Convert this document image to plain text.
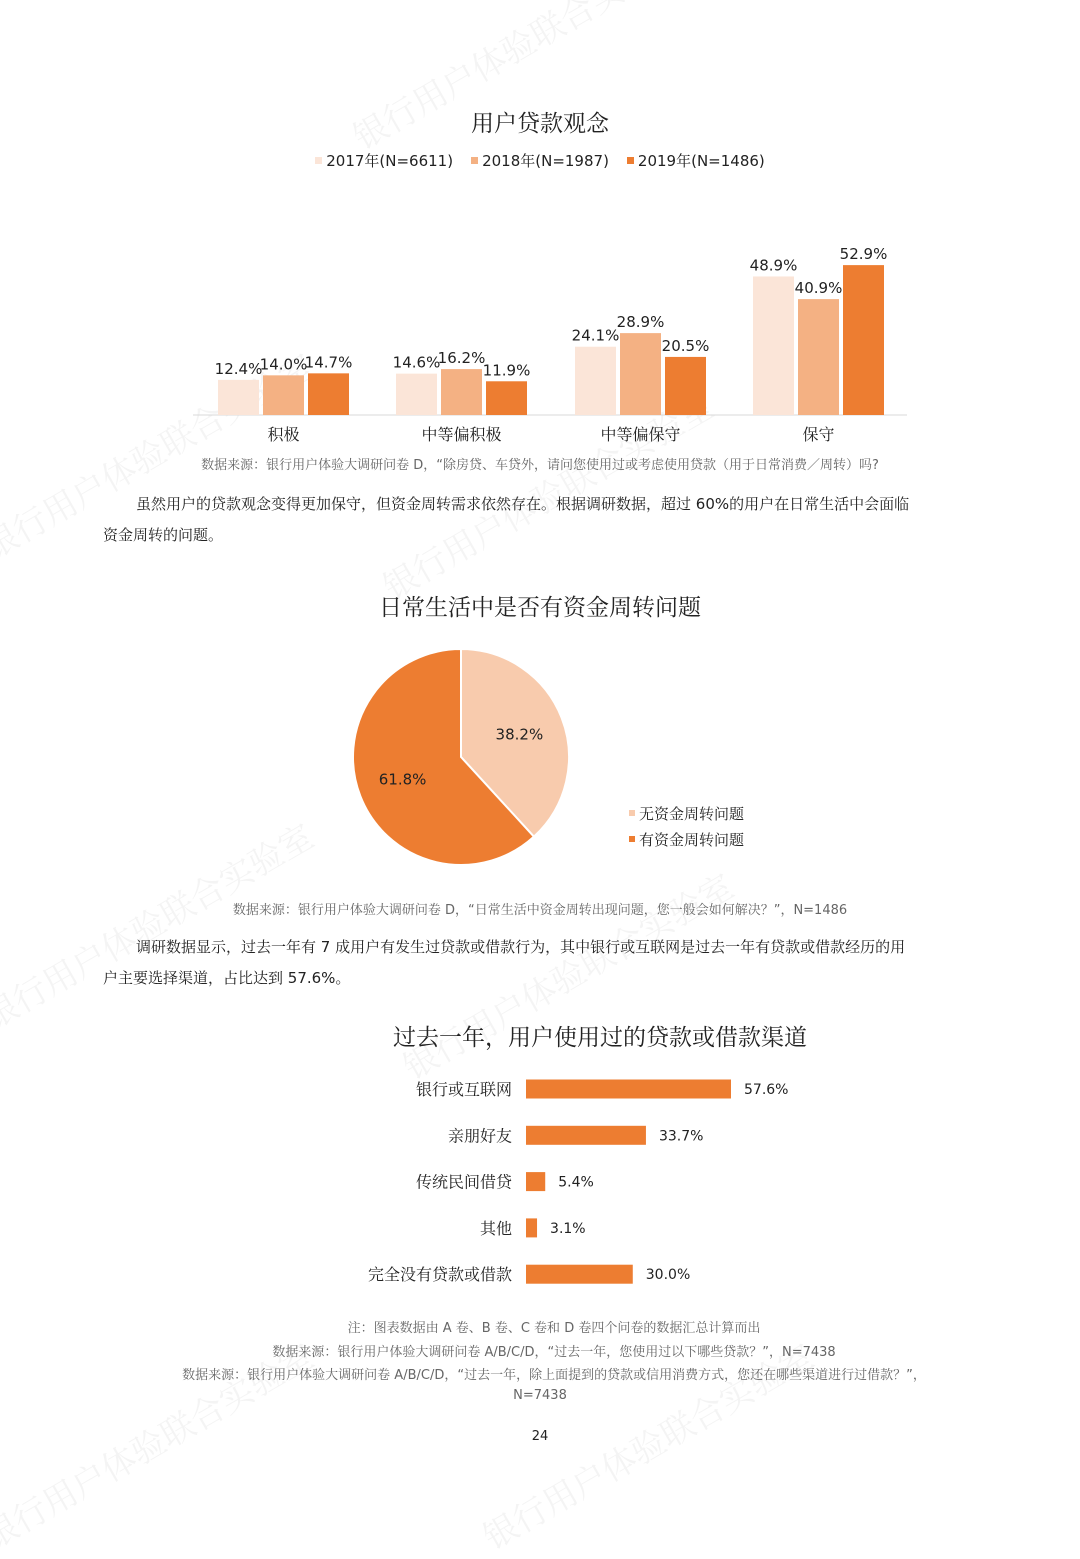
用户贷款观念
2017年(N=6611) 2018年(N=1987) 2019年(N=1486)
12.4%
14.0%
14.7%
积极
14.6%
16.2%
11.9%
中等偏积极
24.1%
28.9%
20.5%
中等偏保守
48.9%
40.9%
52.9%
保守
数据来源：银行用户体验大调研问卷 D，“除房贷、车贷外，请问您使用过或考虑使用贷款（用于日常消费／周转）吗?
虽然用户的贷款观念变得更加保守，但资金周转需求依然存在。根据调研数据，超过 60%的用户在日常生活中会面临
资金周转的问题。
日常生活中是否有资金周转问题
38.2%
61.8%
无资金周转问题
有资金周转问题
数据来源：银行用户体验大调研问卷 D，“日常生活中资金周转出现问题，您一般会如何解决？”，N=1486
调研数据显示，过去一年有 7 成用户有发生过贷款或借款行为，其中银行或互联网是过去一年有贷款或借款经历的用
户主要选择渠道，占比达到 57.6%。
过去一年，用户使用过的贷款或借款渠道
银行或互联网	57.6%
亲朋好友	33.7%
传统民间借贷	5.4%
其他	3.1%
完全没有贷款或借款	30.0%
注：图表数据由 A 卷、B 卷、C 卷和 D 卷四个问卷的数据汇总计算而出
数据来源：银行用户体验大调研问卷 A/B/C/D，“过去一年，您使用过以下哪些贷款？”，N=7438
数据来源：银行用户体验大调研问卷 A/B/C/D，“过去一年，除上面提到的贷款或信用消费方式，您还在哪些渠道进行过借款？”，
N=7438
24
